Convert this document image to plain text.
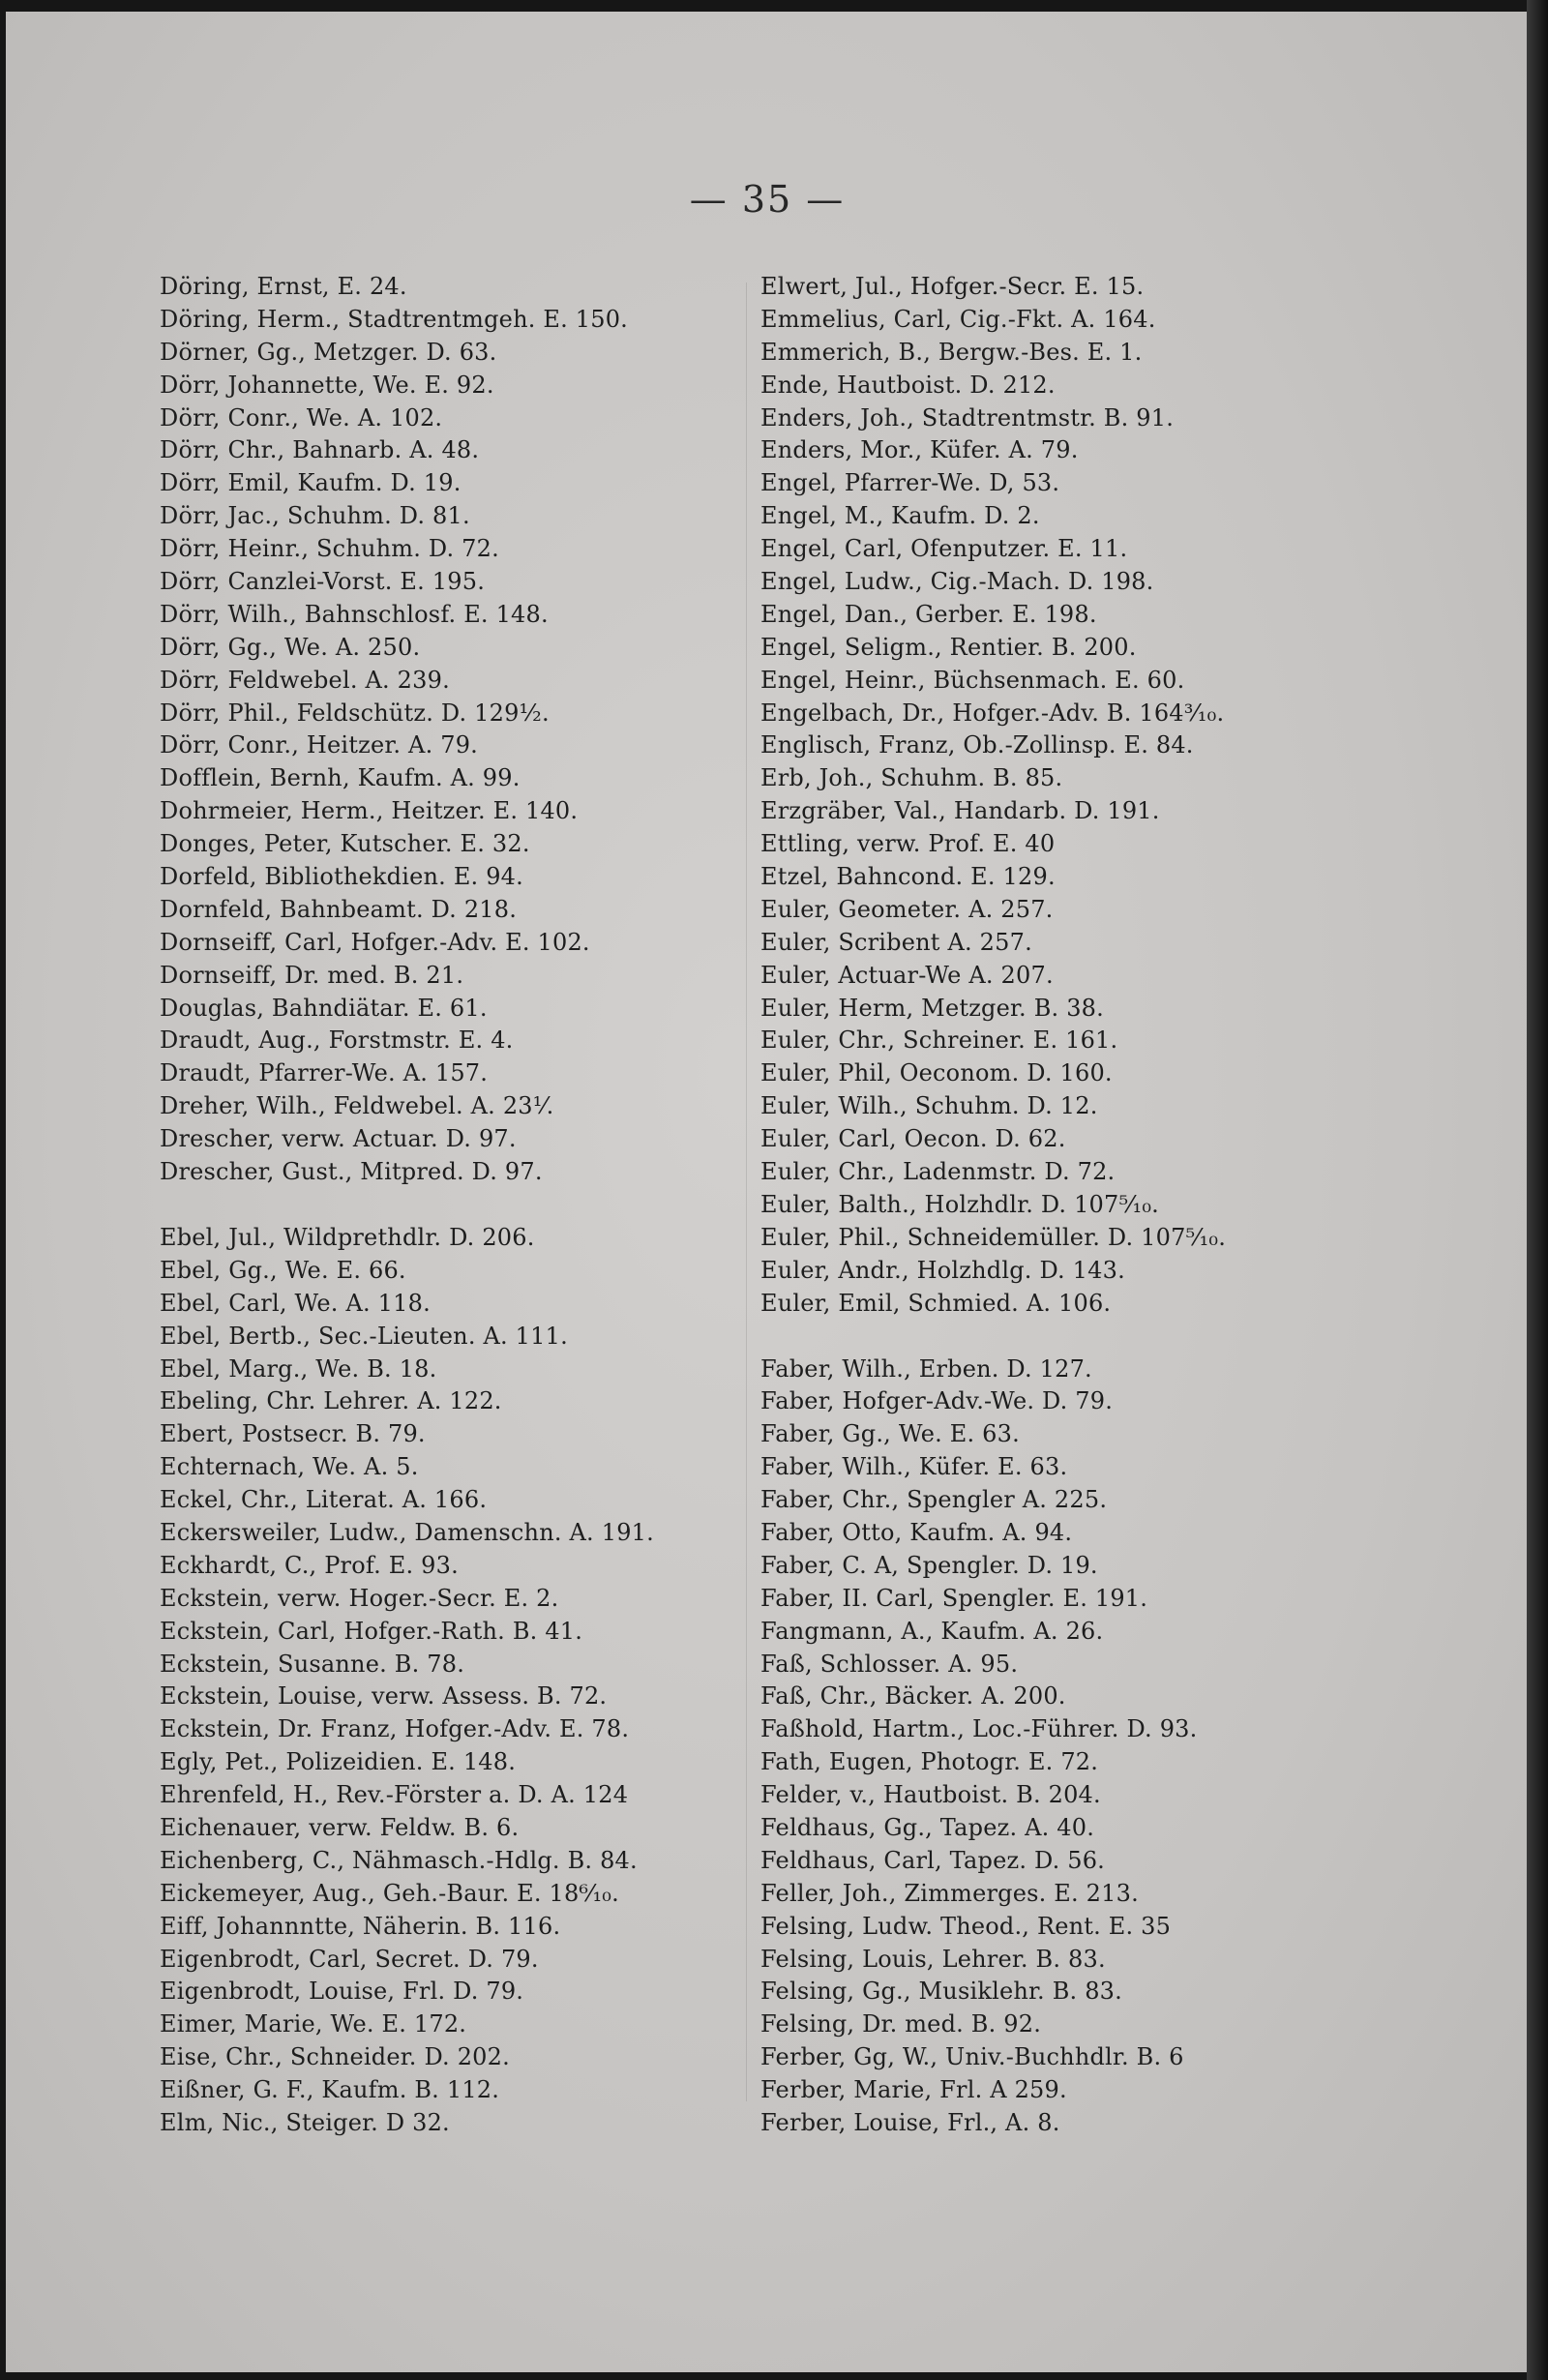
— 35 —
Döring, Ernst, E. 24.
Döring, Herm., Stadtrentmgeh. E. 150.
Dörner, Gg., Metzger. D. 63.
Dörr, Johannette, We. E. 92.
Dörr, Conr., We. A. 102.
Dörr, Chr., Bahnarb. A. 48.
Dörr, Emil, Kaufm. D. 19.
Dörr, Jac., Schuhm. D. 81.
Dörr, Heinr., Schuhm. D. 72.
Dörr, Canzlei-Vorst. E. 195.
Dörr, Wilh., Bahnschlosf. E. 148.
Dörr, Gg., We. A. 250.
Dörr, Feldwebel. A. 239.
Dörr, Phil., Feldschütz. D. 129½.
Dörr, Conr., Heitzer. A. 79.
Dofflein, Bernh, Kaufm. A. 99.
Dohrmeier, Herm., Heitzer. E. 140.
Donges, Peter, Kutscher. E. 32.
Dorfeld, Bibliothekdien. E. 94.
Dornfeld, Bahnbeamt. D. 218.
Dornseiff, Carl, Hofger.-Adv. E. 102.
Dornseiff, Dr. med. B. 21.
Douglas, Bahndiätar. E. 61.
Draudt, Aug., Forstmstr. E. 4.
Draudt, Pfarrer-We. A. 157.
Dreher, Wilh., Feldwebel. A. 23⅟.
Drescher, verw. Actuar. D. 97.
Drescher, Gust., Mitpred. D. 97.
Ebel, Jul., Wildprethdlr. D. 206.
Ebel, Gg., We. E. 66.
Ebel, Carl, We. A. 118.
Ebel, Bertb., Sec.-Lieuten. A. 111.
Ebel, Marg., We. B. 18.
Ebeling, Chr. Lehrer. A. 122.
Ebert, Postsecr. B. 79.
Echternach, We. A. 5.
Eckel, Chr., Literat. A. 166.
Eckersweiler, Ludw., Damenschn. A. 191.
Eckhardt, C., Prof. E. 93.
Eckstein, verw. Hoger.-Secr. E. 2.
Eckstein, Carl, Hofger.-Rath. B. 41.
Eckstein, Susanne. B. 78.
Eckstein, Louise, verw. Assess. B. 72.
Eckstein, Dr. Franz, Hofger.-Adv. E. 78.
Egly, Pet., Polizeidien. E. 148.
Ehrenfeld, H., Rev.-Förster a. D. A. 124
Eichenauer, verw. Feldw. B. 6.
Eichenberg, C., Nähmasch.-Hdlg. B. 84.
Eickemeyer, Aug., Geh.-Baur. E. 18⁶⁄₁₀.
Eiff, Johannntte, Näherin. B. 116.
Eigenbrodt, Carl, Secret. D. 79.
Eigenbrodt, Louise, Frl. D. 79.
Eimer, Marie, We. E. 172.
Eise, Chr., Schneider. D. 202.
Eißner, G. F., Kaufm. B. 112.
Elm, Nic., Steiger. D 32.
Elwert, Jul., Hofger.-Secr. E. 15.
Emmelius, Carl, Cig.-Fkt. A. 164.
Emmerich, B., Bergw.-Bes. E. 1.
Ende, Hautboist. D. 212.
Enders, Joh., Stadtrentmstr. B. 91.
Enders, Mor., Küfer. A. 79.
Engel, Pfarrer-We. D, 53.
Engel, M., Kaufm. D. 2.
Engel, Carl, Ofenputzer. E. 11.
Engel, Ludw., Cig.-Mach. D. 198.
Engel, Dan., Gerber. E. 198.
Engel, Seligm., Rentier. B. 200.
Engel, Heinr., Büchsenmach. E. 60.
Engelbach, Dr., Hofger.-Adv. B. 164³⁄₁₀.
Englisch, Franz, Ob.-Zollinsp. E. 84.
Erb, Joh., Schuhm. B. 85.
Erzgräber, Val., Handarb. D. 191.
Ettling, verw. Prof. E. 40
Etzel, Bahncond. E. 129.
Euler, Geometer. A. 257.
Euler, Scribent A. 257.
Euler, Actuar-We A. 207.
Euler, Herm, Metzger. B. 38.
Euler, Chr., Schreiner. E. 161.
Euler, Phil, Oeconom. D. 160.
Euler, Wilh., Schuhm. D. 12.
Euler, Carl, Oecon. D. 62.
Euler, Chr., Ladenmstr. D. 72.
Euler, Balth., Holzhdlr. D. 107⁵⁄₁₀.
Euler, Phil., Schneidemüller. D. 107⁵⁄₁₀.
Euler, Andr., Holzhdlg. D. 143.
Euler, Emil, Schmied. A. 106.
Faber, Wilh., Erben. D. 127.
Faber, Hofger-Adv.-We. D. 79.
Faber, Gg., We. E. 63.
Faber, Wilh., Küfer. E. 63.
Faber, Chr., Spengler A. 225.
Faber, Otto, Kaufm. A. 94.
Faber, C. A, Spengler. D. 19.
Faber, II. Carl, Spengler. E. 191.
Fangmann, A., Kaufm. A. 26.
Faß, Schlosser. A. 95.
Faß, Chr., Bäcker. A. 200.
Faßhold, Hartm., Loc.-Führer. D. 93.
Fath, Eugen, Photogr. E. 72.
Felder, v., Hautboist. B. 204.
Feldhaus, Gg., Tapez. A. 40.
Feldhaus, Carl, Tapez. D. 56.
Feller, Joh., Zimmerges. E. 213.
Felsing, Ludw. Theod., Rent. E. 35
Felsing, Louis, Lehrer. B. 83.
Felsing, Gg., Musiklehr. B. 83.
Felsing, Dr. med. B. 92.
Ferber, Gg, W., Univ.-Buchhdlr. B. 6
Ferber, Marie, Frl. A 259.
Ferber, Louise, Frl., A. 8.
